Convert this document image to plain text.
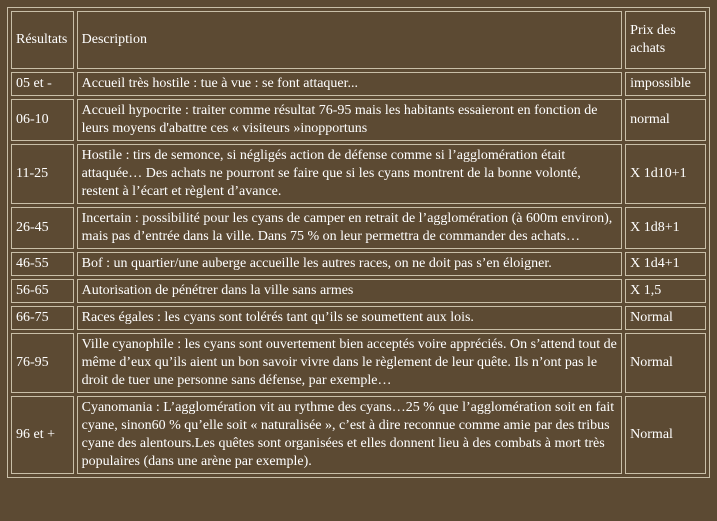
Résultats	Description	Prix des achats
05 et -	Accueil très hostile : tue à vue : se font attaquer...	impossible
06-10	Accueil hypocrite : traiter comme résultat 76-95 mais les habitants essaieront en fonction de leurs moyens d'abattre ces « visiteurs »inopportuns	normal
11-25	Hostile : tirs de semonce, si négligés action de défense comme si l’agglomération était attaquée… Des achats ne pourront se faire que si les cyans montrent de la bonne volonté, restent à l’écart et règlent d’avance.	X 1d10+1
26-45	Incertain : possibilité pour les cyans de camper en retrait de l’agglomération (à 600m environ), mais pas d’entrée dans la ville. Dans 75 % on leur permettra de commander des achats…	X 1d8+1
46-55	Bof : un quartier/une auberge accueille les autres races, on ne doit pas s’en éloigner.	X 1d4+1
56-65	Autorisation de pénétrer dans la ville sans armes	X 1,5
66-75	Races égales : les cyans sont tolérés tant qu’ils se soumettent aux lois.	Normal
76-95	Ville cyanophile : les cyans sont ouvertement bien acceptés voire appréciés. On s’attend tout de même d’eux qu’ils aient un bon savoir vivre dans le règlement de leur quête. Ils n’ont pas le droit de tuer une personne sans défense, par exemple…	Normal
96 et +	Cyanomania : L’agglomération vit au rythme des cyans…25 % que l’agglomération soit en fait cyane, sinon60 % qu’elle soit « naturalisée », c’est à dire reconnue comme amie par des tribus cyane des alentours.Les quêtes sont organisées et elles donnent lieu à des combats à mort très populaires (dans une arène par exemple).	Normal
